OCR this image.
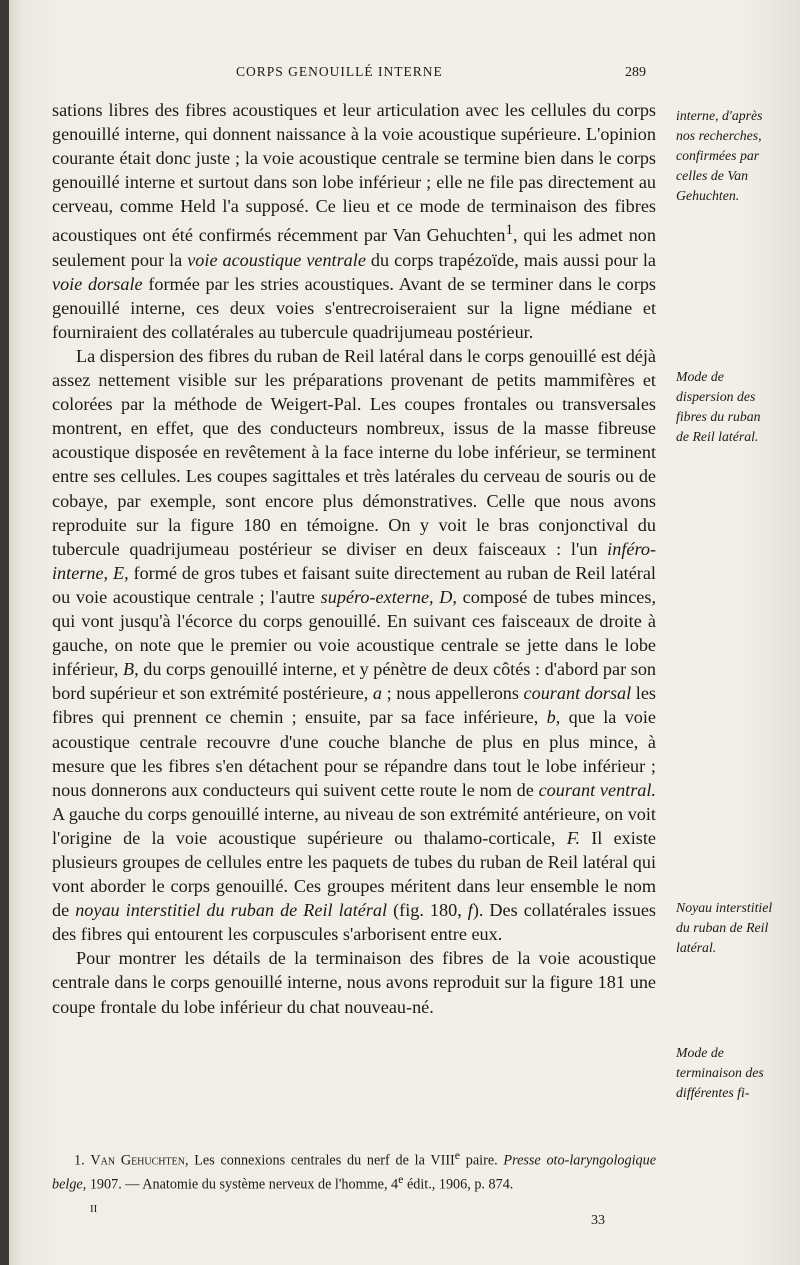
CORPS GENOUILLÉ INTERNE	289

sations libres des fibres acoustiques et leur articulation avec les cellules du corps genouillé interne, qui donnent naissance à la voie acoustique supérieure. L'opinion courante était donc juste ; la voie acoustique centrale se termine bien dans le corps genouillé interne et surtout dans son lobe inférieur ; elle ne file pas directement au cerveau, comme Held l'a supposé. Ce lieu et ce mode de terminaison des fibres acoustiques ont été confirmés récemment par Van Gehuchten$^1$, qui les admet non seulement pour la voie acoustique ventrale du corps trapézoïde, mais aussi pour la voie dorsale formée par les stries acoustiques. Avant de se terminer dans le corps genouillé interne, ces deux voies s'entrecroiseraient sur la ligne médiane et fourniraient des collatérales au tubercule quadrijumeau postérieur.

La dispersion des fibres du ruban de Reil latéral dans le corps genouillé est déjà assez nettement visible sur les préparations provenant de petits mammifères et colorées par la méthode de Weigert-Pal. Les coupes frontales ou transversales montrent, en effet, que des conducteurs nombreux, issus de la masse fibreuse acoustique disposée en revêtement à la face interne du lobe inférieur, se terminent entre ses cellules. Les coupes sagittales et très latérales du cerveau de souris ou de cobaye, par exemple, sont encore plus démonstratives. Celle que nous avons reproduite sur la figure 180 en témoigne. On y voit le bras conjonctival du tubercule quadrijumeau postérieur se diviser en deux faisceaux : l'un inféro-interne, E, formé de gros tubes et faisant suite directement au ruban de Reil latéral ou voie acoustique centrale ; l'autre supéro-externe, D, composé de tubes minces, qui vont jusqu'à l'écorce du corps genouillé. En suivant ces faisceaux de droite à gauche, on note que le premier ou voie acoustique centrale se jette dans le lobe inférieur, B, du corps genouillé interne, et y pénètre de deux côtés : d'abord par son bord supérieur et son extrémité postérieure, a ; nous appellerons courant dorsal les fibres qui prennent ce chemin ; ensuite, par sa face inférieure, b, que la voie acoustique centrale recouvre d'une couche blanche de plus en plus mince, à mesure que les fibres s'en détachent pour se répandre dans tout le lobe inférieur ; nous donnerons aux conducteurs qui suivent cette route le nom de courant ventral. A gauche du corps genouillé interne, au niveau de son extrémité antérieure, on voit l'origine de la voie acoustique supérieure ou thalamo-corticale, F. Il existe plusieurs groupes de cellules entre les paquets de tubes du ruban de Reil latéral qui vont aborder le corps genouillé. Ces groupes méritent dans leur ensemble le nom de noyau interstitiel du ruban de Reil latéral (fig. 180, f). Des collatérales issues des fibres qui entourent les corpuscules s'arborisent entre eux.

Pour montrer les détails de la terminaison des fibres de la voie acoustique centrale dans le corps genouillé interne, nous avons reproduit sur la figure 181 une coupe frontale du lobe inférieur du chat nouveau-né.

interne, d'après nos recherches, confirmées par celles de Van Gehuchten.
Mode de dispersion des fibres du ruban de Reil latéral.
Noyau interstitiel du ruban de Reil latéral.
Mode de terminaison des différentes fi-

1. Van Gehuchten, Les connexions centrales du nerf de la VIIIe paire. Presse oto-laryngologique belge, 1907. — Anatomie du système nerveux de l'homme, 4e édit., 1906, p. 874.

II
33
